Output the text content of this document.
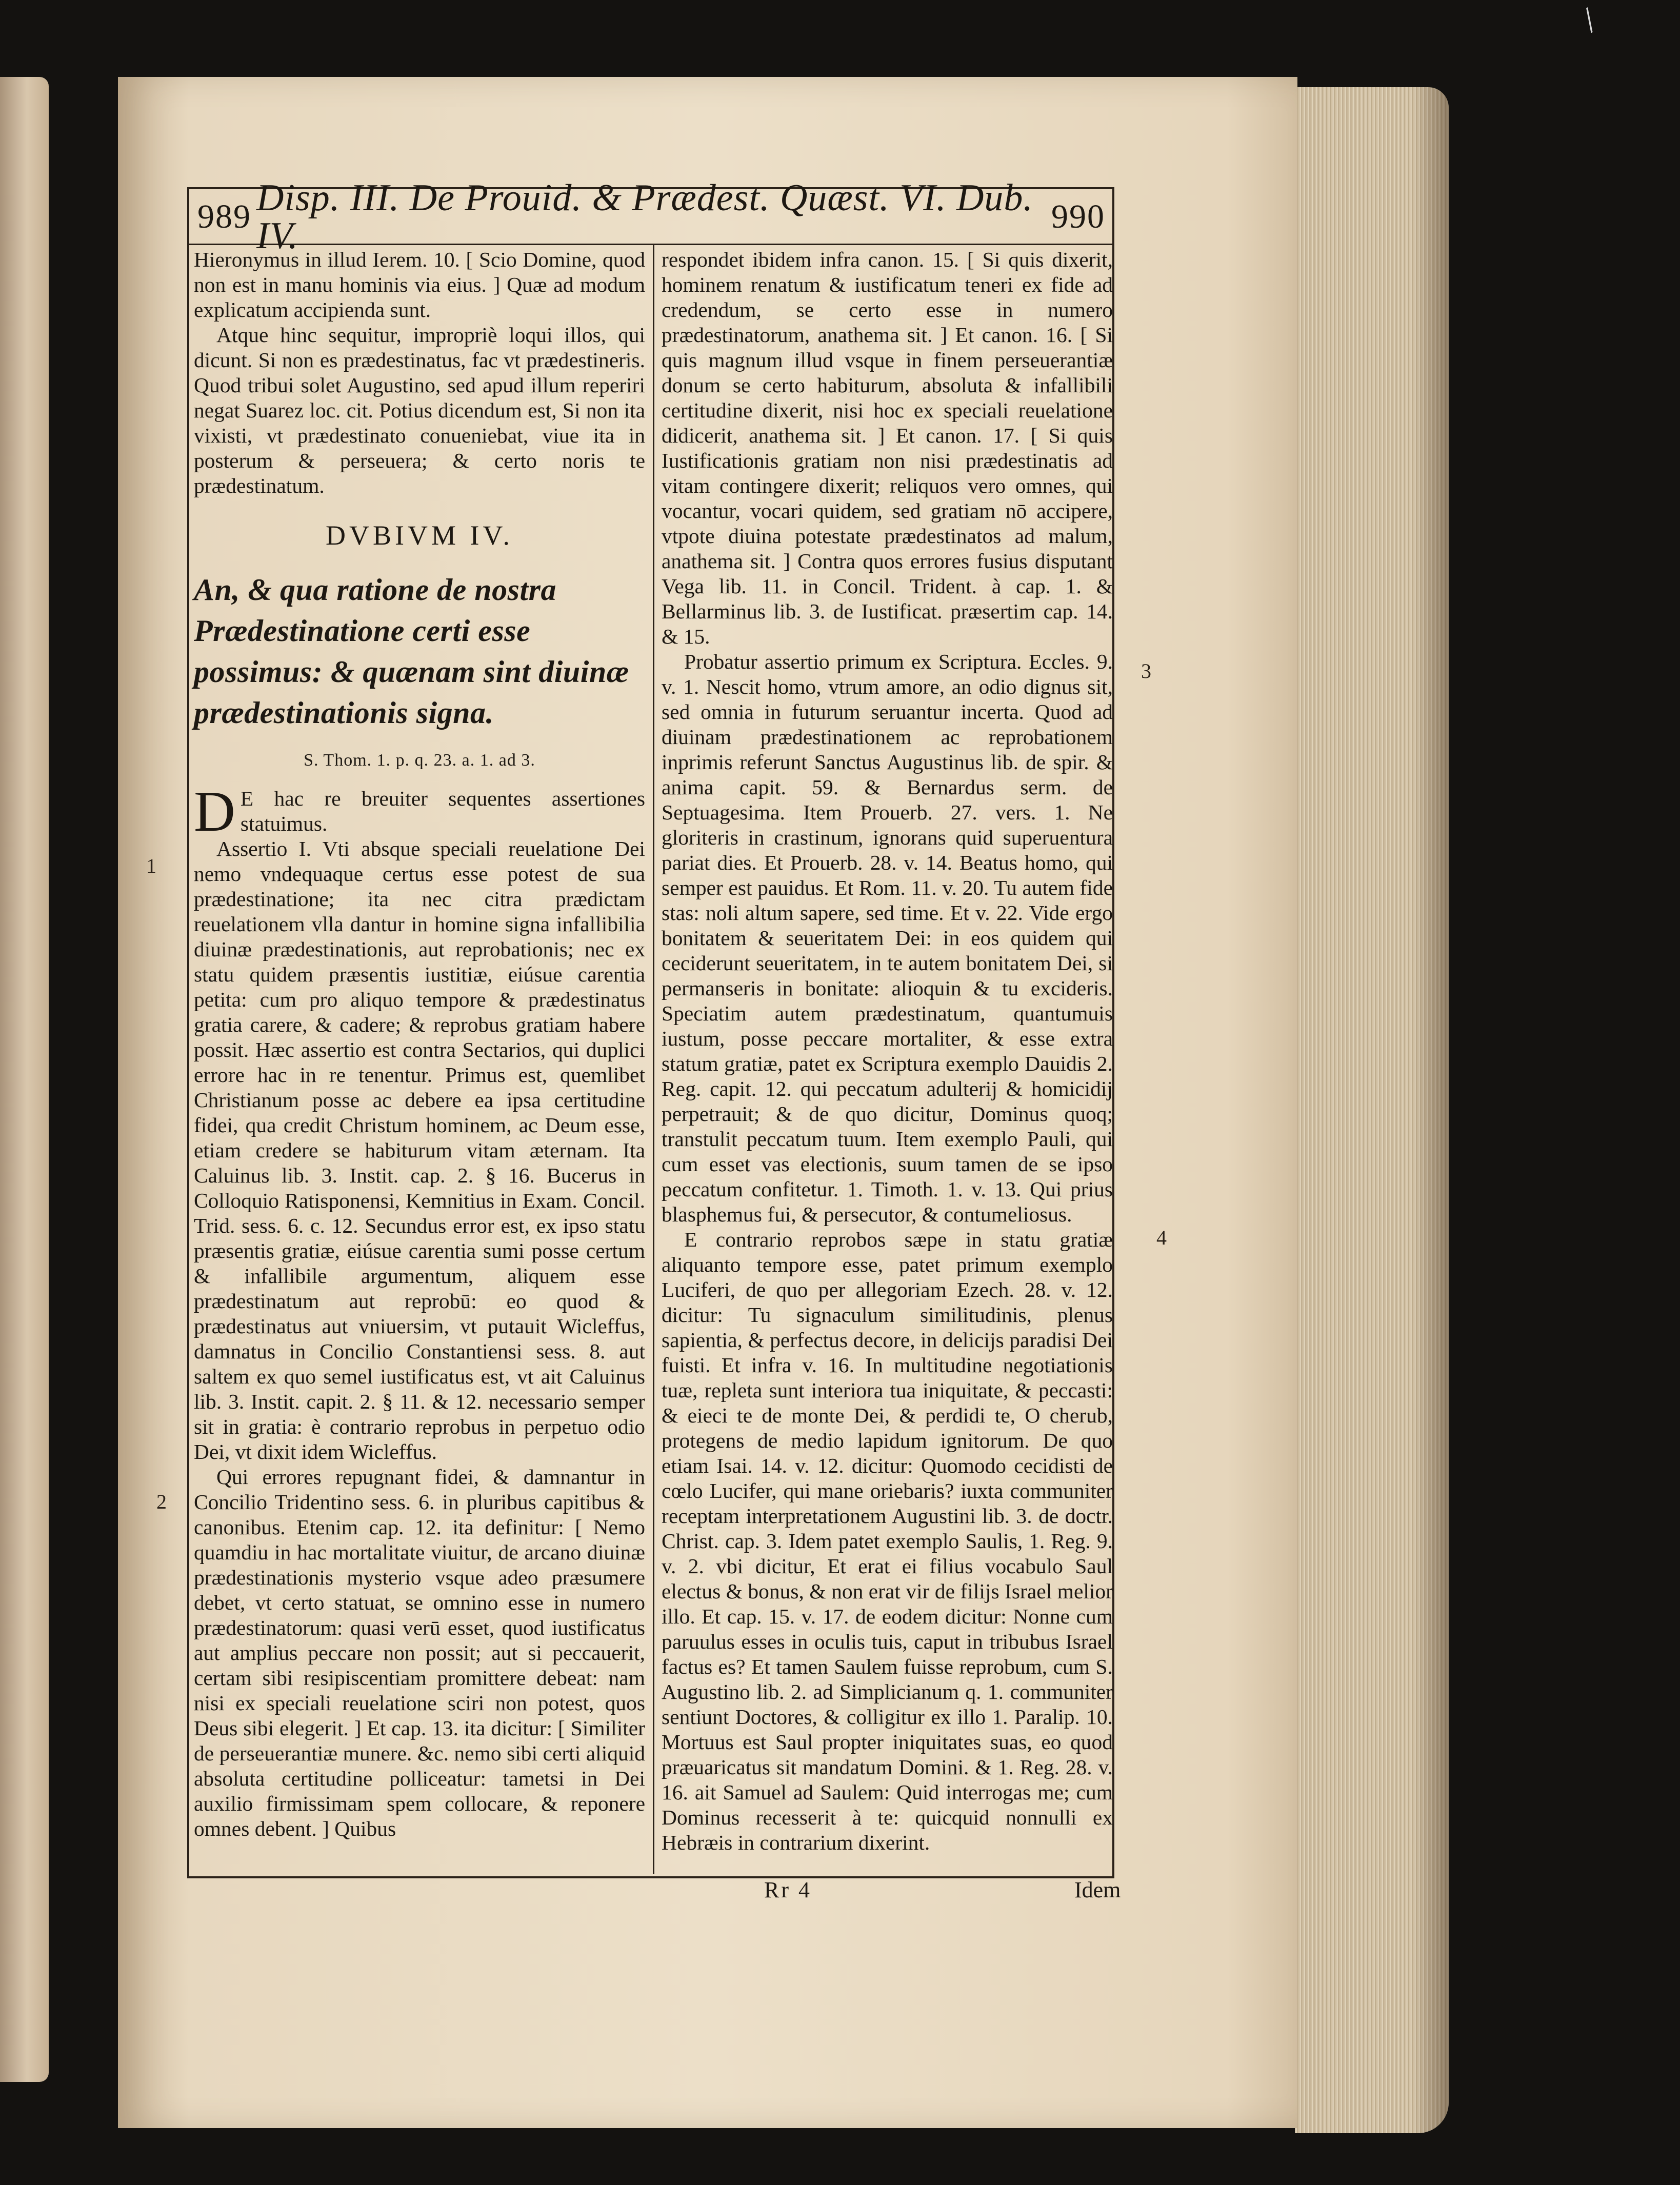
/
989 Disp. III. De Prouid. & Prædest. Quæst. VI. Dub. IV.	990

Hieronymus in illud Ierem. 10. [ Scio Domine, quod non est in manu hominis via eius. ] Quæ ad modum explicatum accipienda sunt.

Atque hinc sequitur, impropriè loqui illos, qui dicunt. Si non es prædestinatus, fac vt prædestineris. Quod tribui solet Augustino, sed apud illum reperiri negat Suarez loc. cit. Potius dicendum est, Si non ita vixisti, vt prædestinato conueniebat, viue ita in posterum & perseuera; & certo noris te prædestinatum.

DVBIVM IV.
An, & qua ratione de nostra Prædestinatione certi esse possimus: & quænam sint diuinæ prædestinationis signa.
S. Thom. 1. p. q. 23. a. 1. ad 3.

D E hac re breuiter sequentes assertiones statuimus.

Assertio I. Vti absque speciali reuelatione Dei nemo vndequaque certus esse potest de sua prædestinatione; ita nec citra prædictam reuelationem vlla dantur in homine signa infallibilia diuinæ prædestinationis, aut reprobationis; nec ex statu quidem præsentis iustitiæ, eiúsue carentia petita: cum pro aliquo tempore & prædestinatus gratia carere, & cadere; & reprobus gratiam habere possit. Hæc assertio est contra Sectarios, qui duplici errore hac in re tenentur. Primus est, quemlibet Christianum posse ac debere ea ipsa certitudine fidei, qua credit Christum hominem, ac Deum esse, etiam credere se habiturum vitam æternam. Ita Caluinus lib. 3. Instit. cap. 2. § 16. Bucerus in Colloquio Ratisponensi, Kemnitius in Exam. Concil. Trid. sess. 6. c. 12. Secundus error est, ex ipso statu præsentis gratiæ, eiúsue carentia sumi posse certum & infallibile argumentum, aliquem esse prædestinatum aut reprobū: eo quod & prædestinatus aut vniuersim, vt putauit Wicleffus, damnatus in Concilio Constantiensi sess. 8. aut saltem ex quo semel iustificatus est, vt ait Caluinus lib. 3. Instit. capit. 2. § 11. & 12. necessario semper sit in gratia: è contrario reprobus in perpetuo odio Dei, vt dixit idem Wicleffus.

Qui errores repugnant fidei, & damnantur in Concilio Tridentino sess. 6. in pluribus capitibus & canonibus. Etenim cap. 12. ita definitur: [ Nemo quamdiu in hac mortalitate viuitur, de arcano diuinæ prædestinationis mysterio vsque adeo præsumere debet, vt certo statuat, se omnino esse in numero prædestinatorum: quasi verū esset, quod iustificatus aut amplius peccare non possit; aut si peccauerit, certam sibi resipiscentiam promittere debeat: nam nisi ex speciali reuelatione sciri non potest, quos Deus sibi elegerit. ] Et cap. 13. ita dicitur: [ Similiter de perseuerantiæ munere. &c. nemo sibi certi aliquid absoluta certitudine polliceatur: tametsi in Dei auxilio firmissimam spem collocare, & reponere omnes debent. ] Quibus

respondet ibidem infra canon. 15. [ Si quis dixerit, hominem renatum & iustificatum teneri ex fide ad credendum, se certo esse in numero prædestinatorum, anathema sit. ] Et canon. 16. [ Si quis magnum illud vsque in finem perseuerantiæ donum se certo habiturum, absoluta & infallibili certitudine dixerit, nisi hoc ex speciali reuelatione didicerit, anathema sit. ] Et canon. 17. [ Si quis Iustificationis gratiam non nisi prædestinatis ad vitam contingere dixerit; reliquos vero omnes, qui vocantur, vocari quidem, sed gratiam nō accipere, vtpote diuina potestate prædestinatos ad malum, anathema sit. ] Contra quos errores fusius disputant Vega lib. 11. in Concil. Trident. à cap. 1. & Bellarminus lib. 3. de Iustificat. præsertim cap. 14. & 15.

Probatur assertio primum ex Scriptura. Eccles. 9. v. 1. Nescit homo, vtrum amore, an odio dignus sit, sed omnia in futurum seruantur incerta. Quod ad diuinam prædestinationem ac reprobationem inprimis referunt Sanctus Augustinus lib. de spir. & anima capit. 59. & Bernardus serm. de Septuagesima. Item Prouerb. 27. vers. 1. Ne gloriteris in crastinum, ignorans quid superuentura pariat dies. Et Prouerb. 28. v. 14. Beatus homo, qui semper est pauidus. Et Rom. 11. v. 20. Tu autem fide stas: noli altum sapere, sed time. Et v. 22. Vide ergo bonitatem & seueritatem Dei: in eos quidem qui ceciderunt seueritatem, in te autem bonitatem Dei, si permanseris in bonitate: alioquin & tu excideris. Speciatim autem prædestinatum, quantumuis iustum, posse peccare mortaliter, & esse extra statum gratiæ, patet ex Scriptura exemplo Dauidis 2. Reg. capit. 12. qui peccatum adulterij & homicidij perpetrauit; & de quo dicitur, Dominus quoq; transtulit peccatum tuum. Item exemplo Pauli, qui cum esset vas electionis, suum tamen de se ipso peccatum confitetur. 1. Timoth. 1. v. 13. Qui prius blasphemus fui, & persecutor, & contumeliosus.

E contrario reprobos sæpe in statu gratiæ aliquanto tempore esse, patet primum exemplo Luciferi, de quo per allegoriam Ezech. 28. v. 12. dicitur: Tu signaculum similitudinis, plenus sapientia, & perfectus decore, in delicijs paradisi Dei fuisti. Et infra v. 16. In multitudine negotiationis tuæ, repleta sunt interiora tua iniquitate, & peccasti: & eieci te de monte Dei, & perdidi te, O cherub, protegens de medio lapidum ignitorum. De quo etiam Isai. 14. v. 12. dicitur: Quomodo cecidisti de cœlo Lucifer, qui mane oriebaris? iuxta communiter receptam interpretationem Augustini lib. 3. de doctr. Christ. cap. 3. Idem patet exemplo Saulis, 1. Reg. 9. v. 2. vbi dicitur, Et erat ei filius vocabulo Saul electus & bonus, & non erat vir de filijs Israel melior illo. Et cap. 15. v. 17. de eodem dicitur: Nonne cum paruulus esses in oculis tuis, caput in tribubus Israel factus es? Et tamen Saulem fuisse reprobum, cum S. Augustino lib. 2. ad Simplicianum q. 1. communiter sentiunt Doctores, & colligitur ex illo 1. Paralip. 10. Mortuus est Saul propter iniquitates suas, eo quod præuaricatus sit mandatum Domini. & 1. Reg. 28. v. 16. ait Samuel ad Saulem: Quid interrogas me; cum Dominus recesserit à te: quicquid nonnulli ex Hebræis in contrarium dixerint.

1
2
3
4
Rr 4	Idem
